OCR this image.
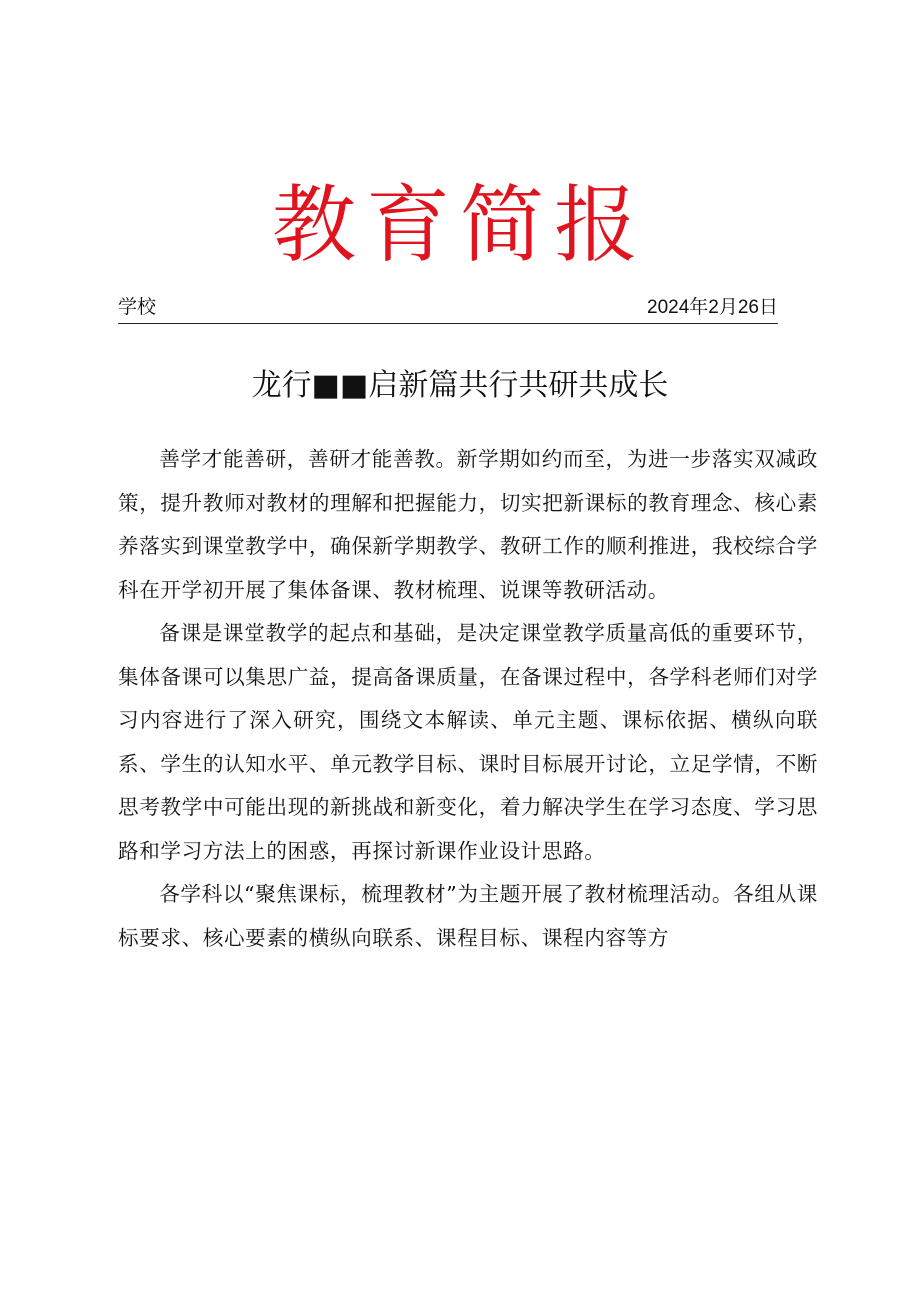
教育简报
学校	2024年2月26日
龙行■■启新篇共行共研共成长

善学才能善研，善研才能善教。新学期如约而至，为进一步落实双减政策，提升教师对教材的理解和把握能力，切实把新课标的教育理念、核心素养落实到课堂教学中，确保新学期教学、教研工作的顺利推进，我校综合学科在开学初开展了集体备课、教材梳理、说课等教研活动。

备课是课堂教学的起点和基础，是决定课堂教学质量高低的重要环节，集体备课可以集思广益，提高备课质量，在备课过程中，各学科老师们对学习内容进行了深入研究，围绕文本解读、单元主题、课标依据、横纵向联系、学生的认知水平、单元教学目标、课时目标展开讨论，立足学情，不断思考教学中可能出现的新挑战和新变化，着力解决学生在学习态度、学习思路和学习方法上的困惑，再探讨新课作业设计思路。

各学科以“聚焦课标，梳理教材”为主题开展了教材梳理活动。各组从课标要求、核心要素的横纵向联系、课程目标、课程内容等方
